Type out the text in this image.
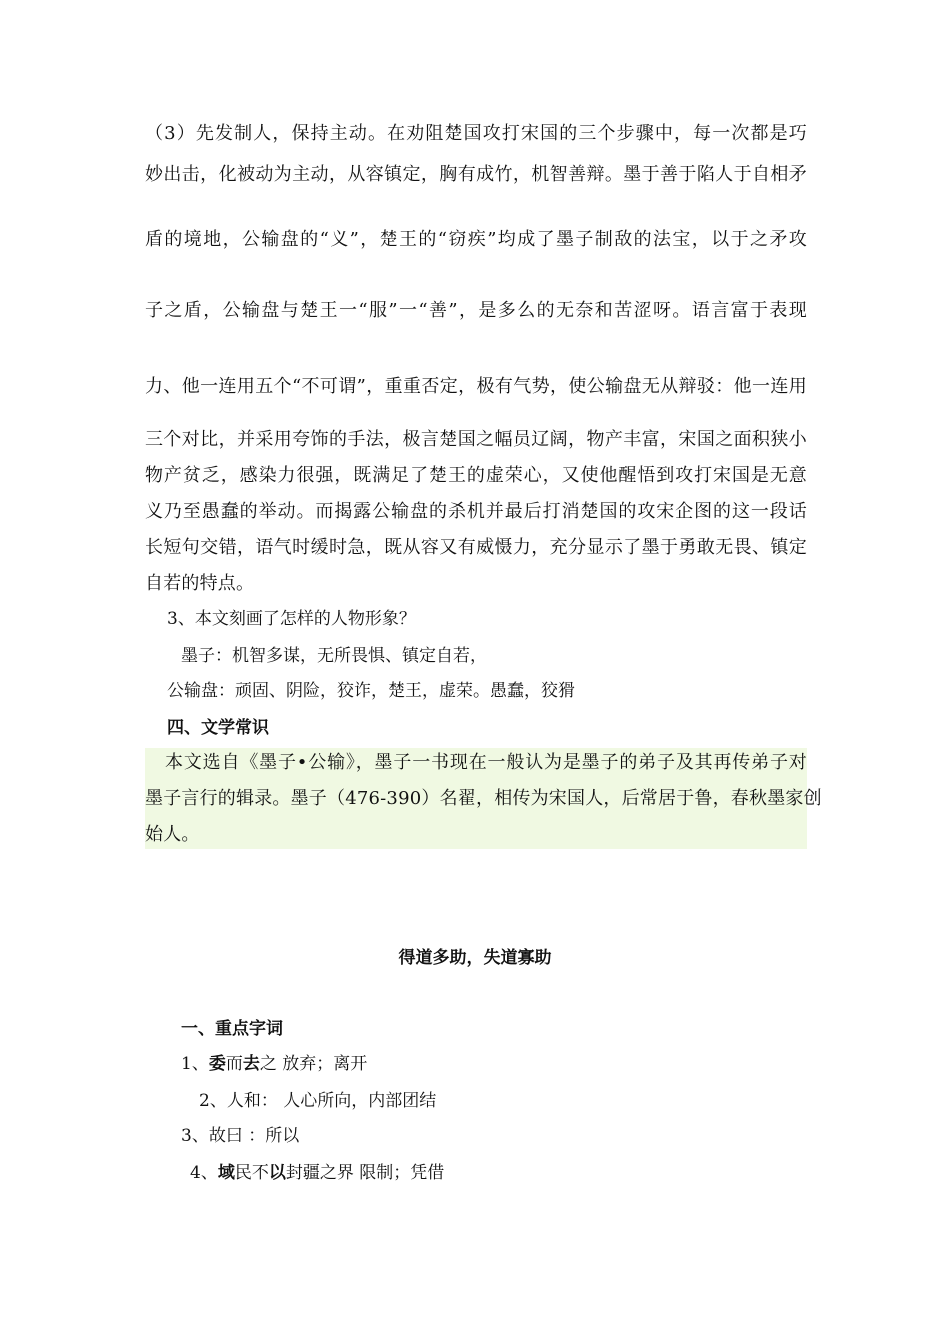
（3）先发制人，保持主动。在劝阻楚国攻打宋国的三个步骤中，每一次都是巧
妙出击，化被动为主动，从容镇定，胸有成竹，机智善辩。墨于善于陷人于自相矛
盾的境地，公输盘的“义”，楚王的“窃疾”均成了墨子制敌的法宝，以于之矛攻
子之盾，公输盘与楚王一“服”一“善”，是多么的无奈和苦涩呀。语言富于表现
力、他一连用五个“不可谓”，重重否定，极有气势，使公输盘无从辩驳：他一连用
三个对比，并采用夸饰的手法，极言楚国之幅员辽阔，物产丰富，宋国之面积狭小
物产贫乏，感染力很强，既满足了楚王的虚荣心，又使他醒悟到攻打宋国是无意
义乃至愚蠢的举动。而揭露公输盘的杀机并最后打消楚国的攻宋企图的这一段话
长短句交错，语气时缓时急，既从容又有威慑力，充分显示了墨于勇敢无畏、镇定
自若的特点。
3、本文刻画了怎样的人物形象？
墨子：机智多谋，无所畏惧、镇定自若，
公输盘：顽固、阴险，狡诈，楚王，虚荣。愚蠢，狡猾
四、文学常识
本文选自《墨子•公输》，墨子一书现在一般认为是墨子的弟子及其再传弟子对
墨子言行的辑录。墨子（476-390）名翟，相传为宋国人，后常居于鲁，春秋墨家创
始人。
得道多助，失道寡助
一、重点字词
1、委而去之 放弃；离开
2、人和： 人心所向，内部团结
3、故曰 ：所以
4、域民不以封疆之界 限制；凭借
